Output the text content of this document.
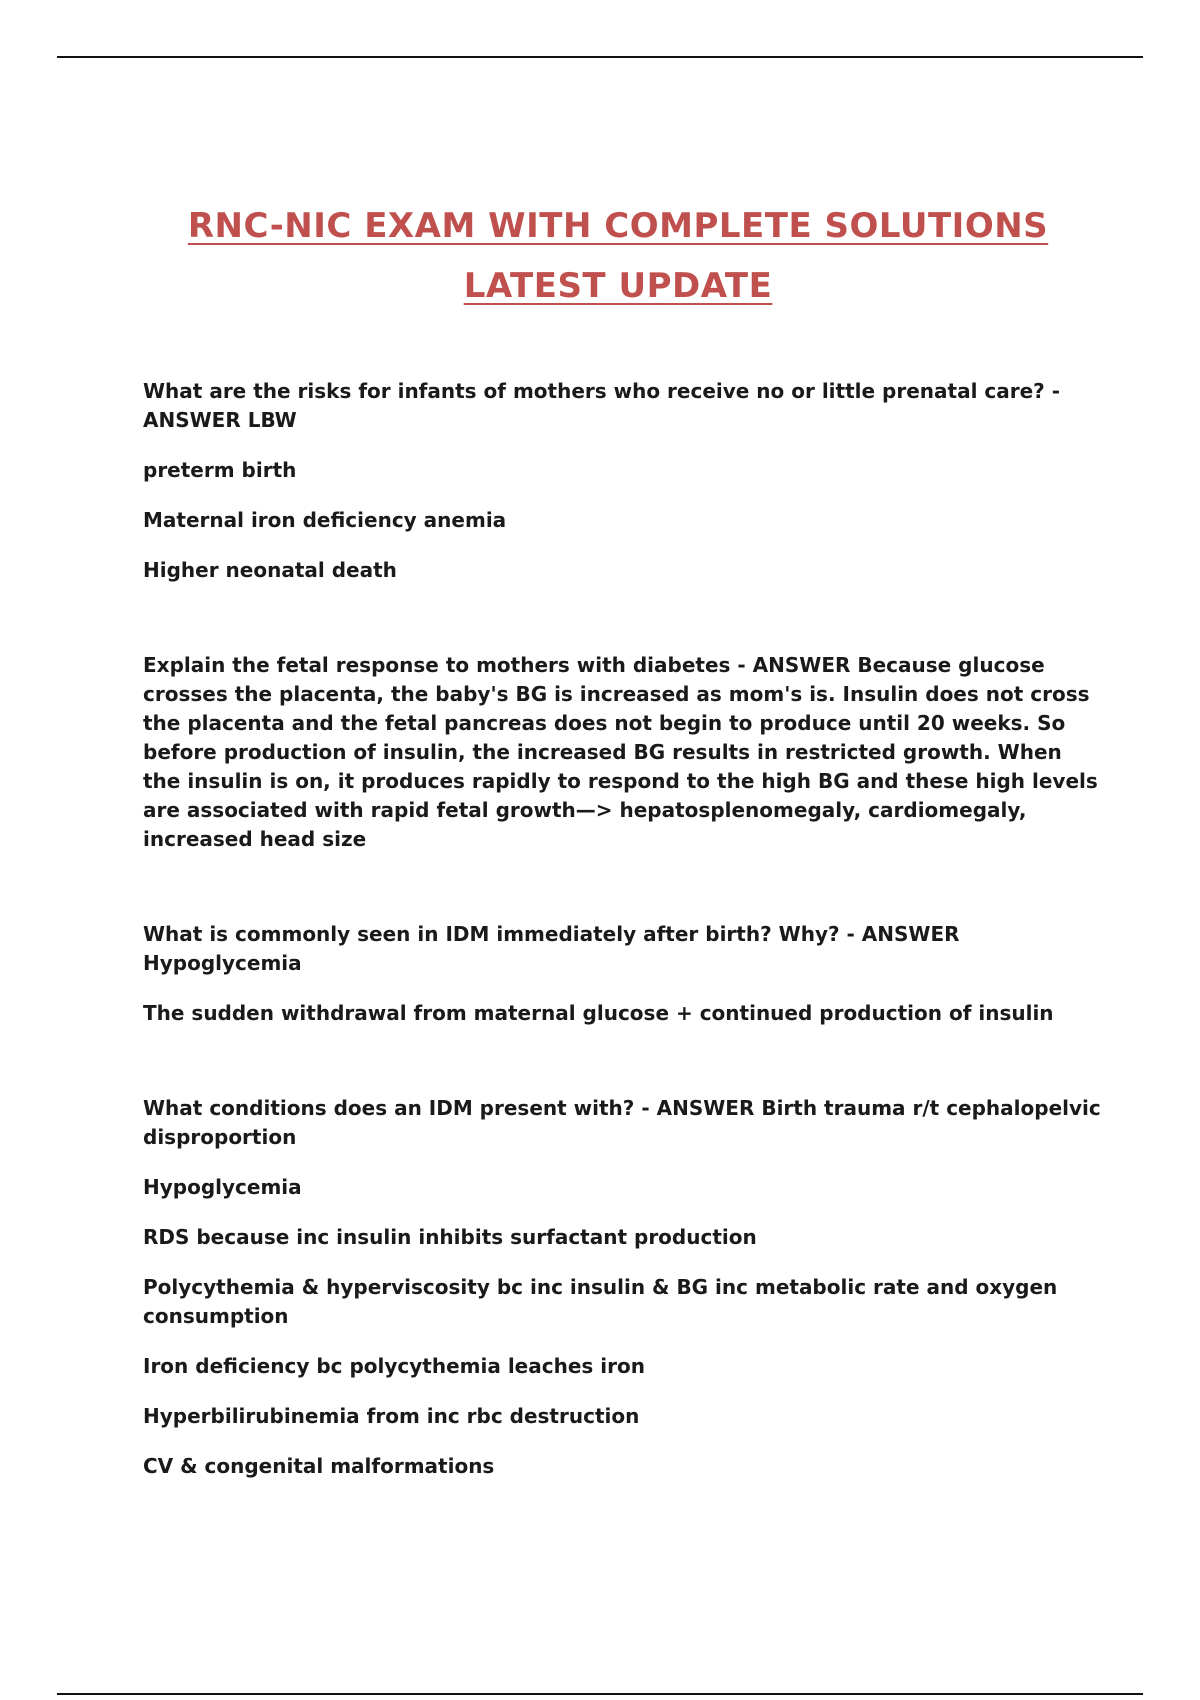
RNC-NIC EXAM WITH COMPLETE SOLUTIONS
LATEST UPDATE

What are the risks for infants of mothers who receive no or little prenatal care? - ANSWER LBW

preterm birth

Maternal iron deficiency anemia

Higher neonatal death

Explain the fetal response to mothers with diabetes - ANSWER Because glucose crosses the placenta, the baby's BG is increased as mom's is. Insulin does not cross the placenta and the fetal pancreas does not begin to produce until 20 weeks. So before production of insulin, the increased BG results in restricted growth. When the insulin is on, it produces rapidly to respond to the high BG and these high levels are associated with rapid fetal growth—> hepatosplenomegaly, cardiomegaly, increased head size

What is commonly seen in IDM immediately after birth? Why? - ANSWER Hypoglycemia

The sudden withdrawal from maternal glucose + continued production of insulin

What conditions does an IDM present with? - ANSWER Birth trauma r/t cephalopelvic disproportion

Hypoglycemia

RDS because inc insulin inhibits surfactant production

Polycythemia & hyperviscosity bc inc insulin & BG inc metabolic rate and oxygen consumption

Iron deficiency bc polycythemia leaches iron

Hyperbilirubinemia from inc rbc destruction

CV & congenital malformations
